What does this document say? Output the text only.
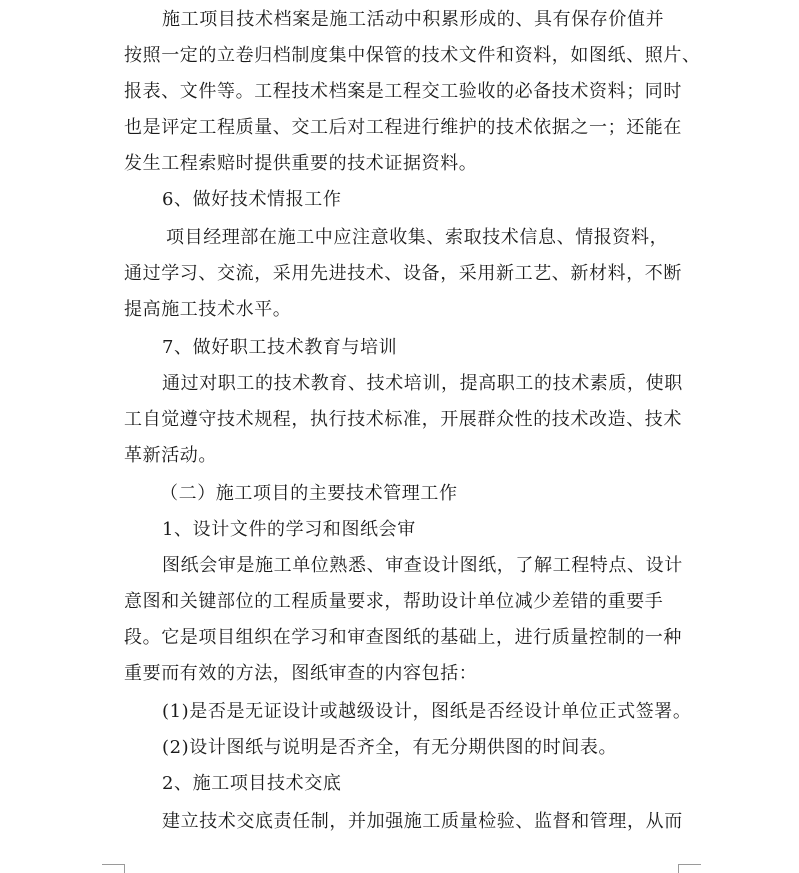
施工项目技术档案是施工活动中积累形成的、具有保存价值并
按照一定的立卷归档制度集中保管的技术文件和资料，如图纸、照片、
报表、文件等。工程技术档案是工程交工验收的必备技术资料；同时
也是评定工程质量、交工后对工程进行维护的技术依据之一；还能在
发生工程索赔时提供重要的技术证据资料。
6、做好技术情报工作
项目经理部在施工中应注意收集、索取技术信息、情报资料，
通过学习、交流，采用先进技术、设备，采用新工艺、新材料，不断
提高施工技术水平。
7、做好职工技术教育与培训
通过对职工的技术教育、技术培训，提高职工的技术素质，使职
工自觉遵守技术规程，执行技术标准，开展群众性的技术改造、技术
革新活动。
（二）施工项目的主要技术管理工作
1、设计文件的学习和图纸会审
图纸会审是施工单位熟悉、审查设计图纸，了解工程特点、设计
意图和关键部位的工程质量要求，帮助设计单位减少差错的重要手
段。它是项目组织在学习和审查图纸的基础上，进行质量控制的一种
重要而有效的方法，图纸审查的内容包括：
(1)是否是无证设计或越级设计，图纸是否经设计单位正式签署。
(2)设计图纸与说明是否齐全，有无分期供图的时间表。
2、施工项目技术交底
建立技术交底责任制，并加强施工质量检验、监督和管理，从而
